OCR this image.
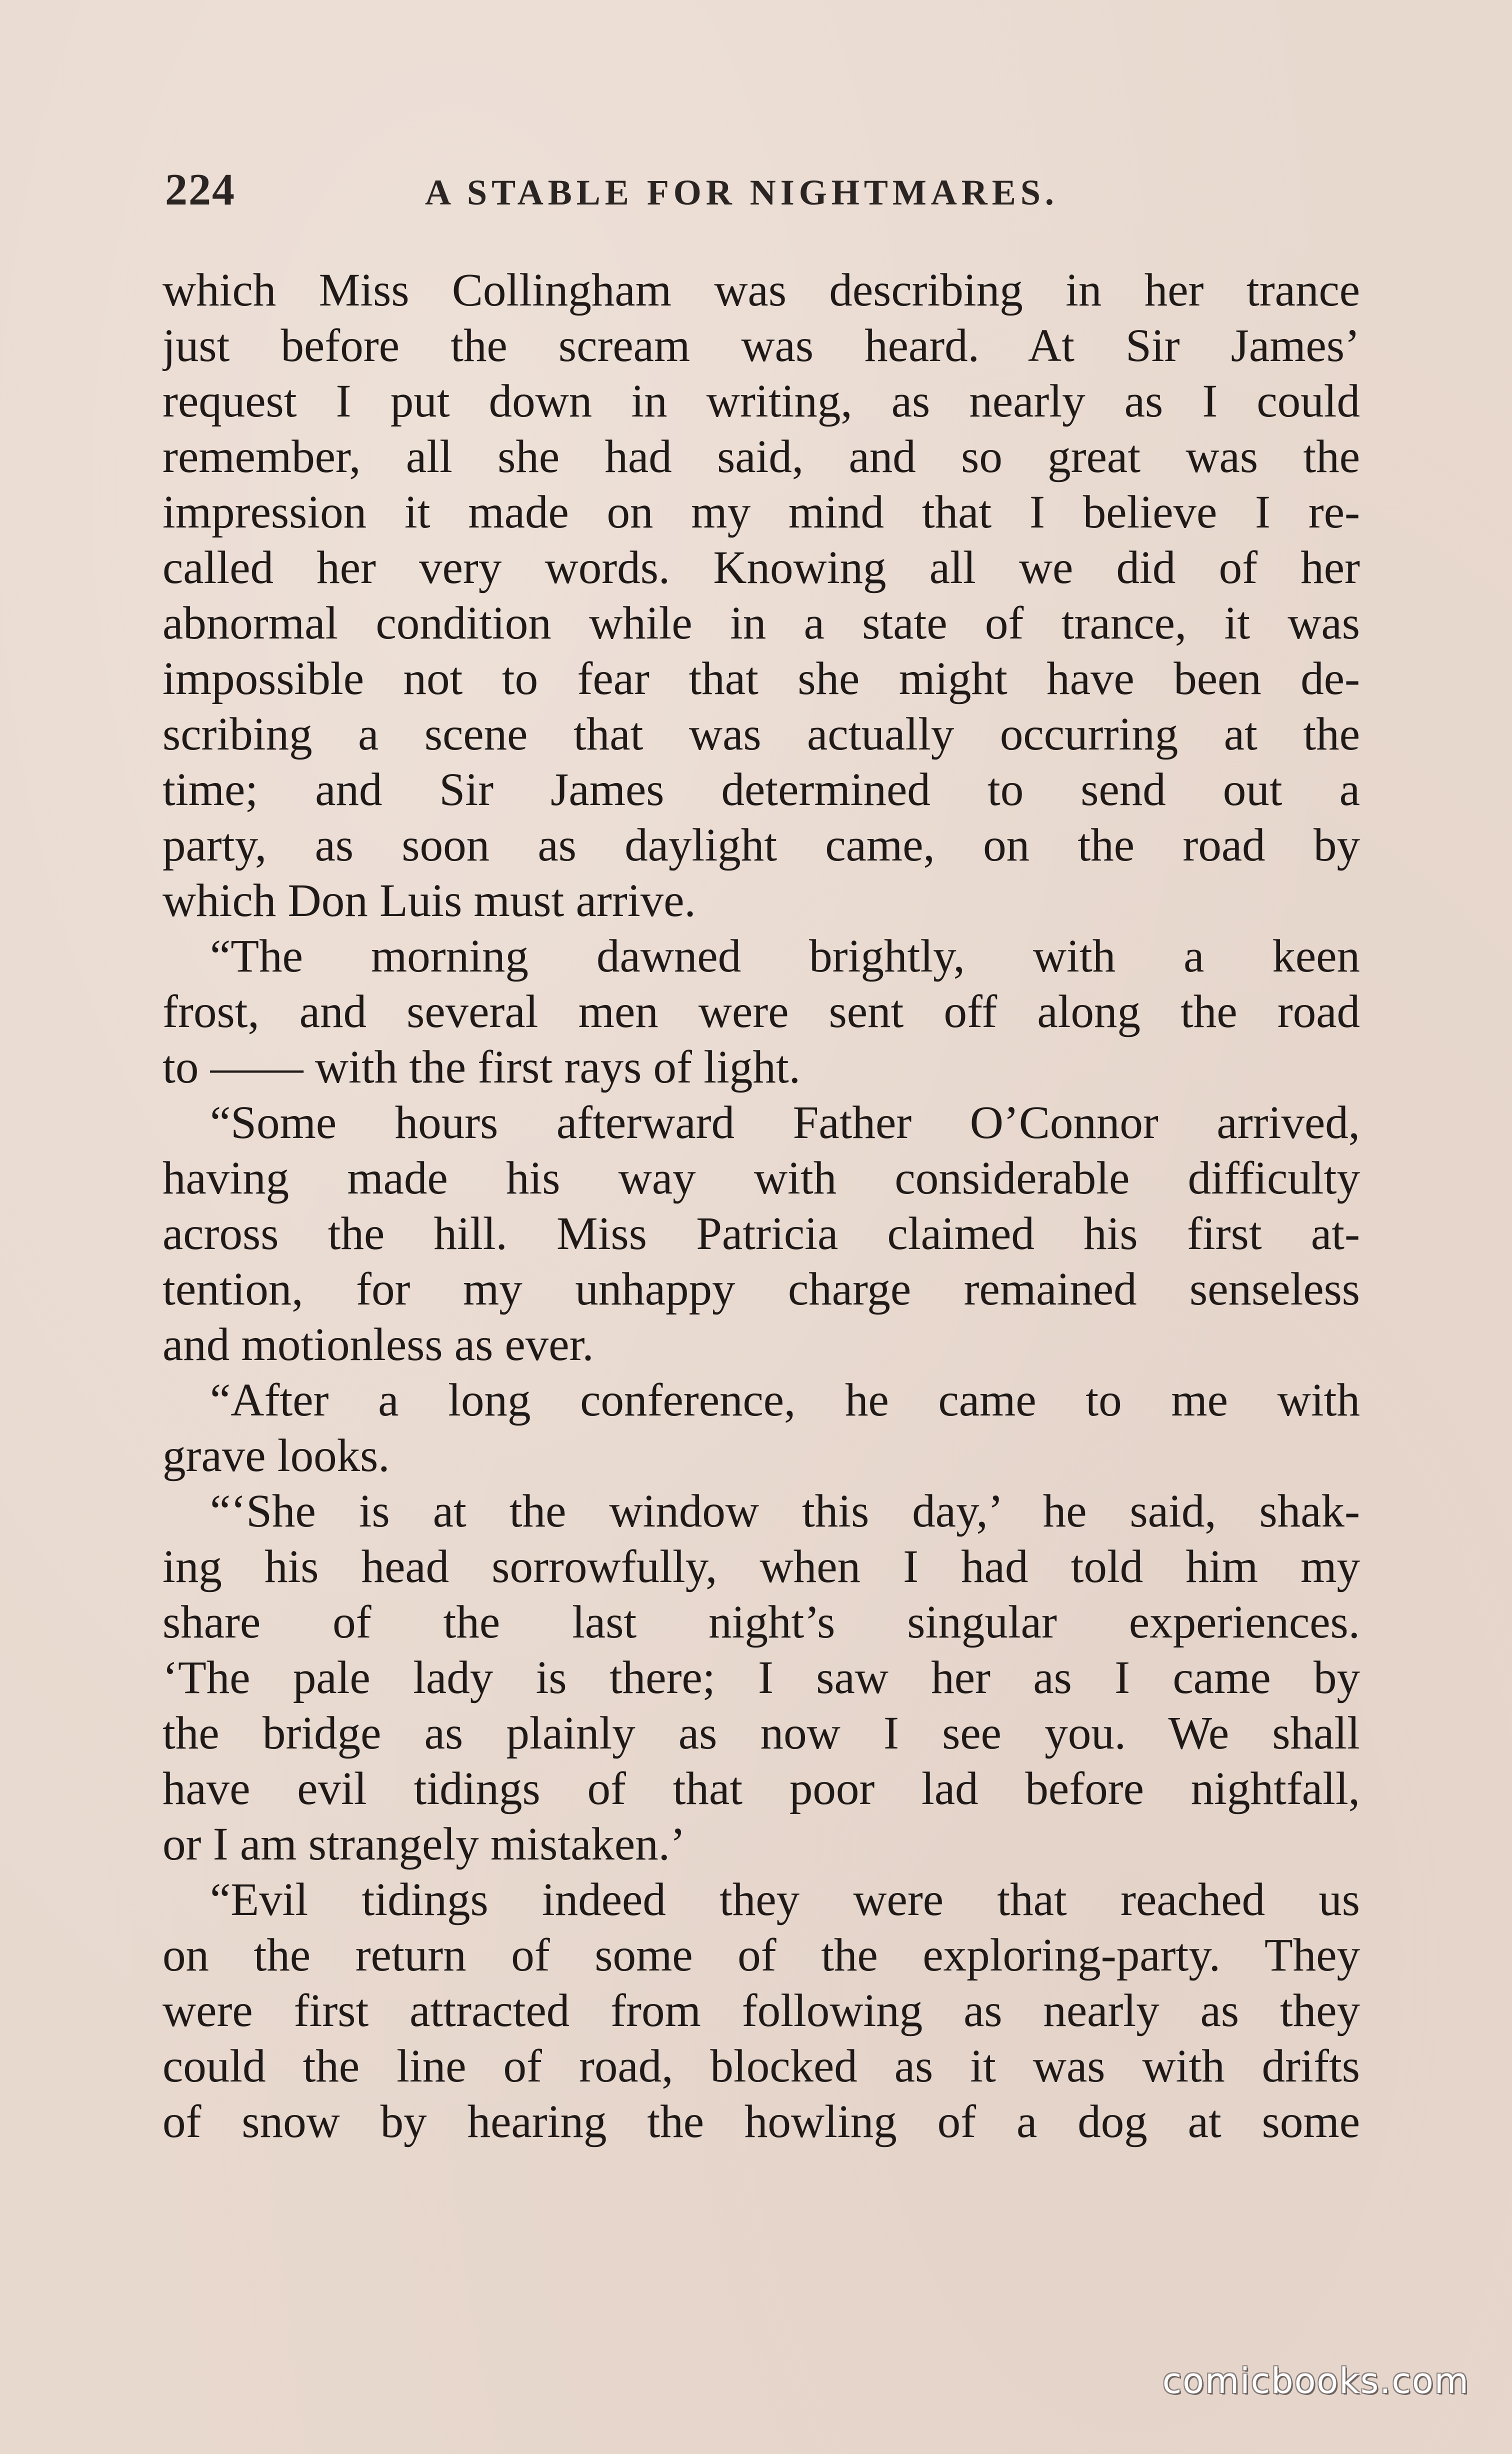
224	A STABLE FOR NIGHTMARES.
which Miss Collingham was describing in her trance
just before the scream was heard. At Sir James’
request I put down in writing, as nearly as I could
remember, all she had said, and so great was the
impression it made on my mind that I believe I re-
called her very words. Knowing all we did of her
abnormal condition while in a state of trance, it was
impossible not to fear that she might have been de-
scribing a scene that was actually occurring at the
time; and Sir James determined to send out a
party, as soon as daylight came, on the road by
which Don Luis must arrive.
“The morning dawned brightly, with a keen
frost, and several men were sent off along the road
to —— with the first rays of light.
“Some hours afterward Father O’Connor arrived,
having made his way with considerable difficulty
across the hill. Miss Patricia claimed his first at-
tention, for my unhappy charge remained senseless
and motionless as ever.
“After a long conference, he came to me with
grave looks.
“‘She is at the window this day,’ he said, shak-
ing his head sorrowfully, when I had told him my
share of the last night’s singular experiences.
‘The pale lady is there; I saw her as I came by
the bridge as plainly as now I see you. We shall
have evil tidings of that poor lad before nightfall,
or I am strangely mistaken.’
“Evil tidings indeed they were that reached us
on the return of some of the exploring-party. They
were first attracted from following as nearly as they
could the line of road, blocked as it was with drifts
of snow by hearing the howling of a dog at some
comicbooks.com
